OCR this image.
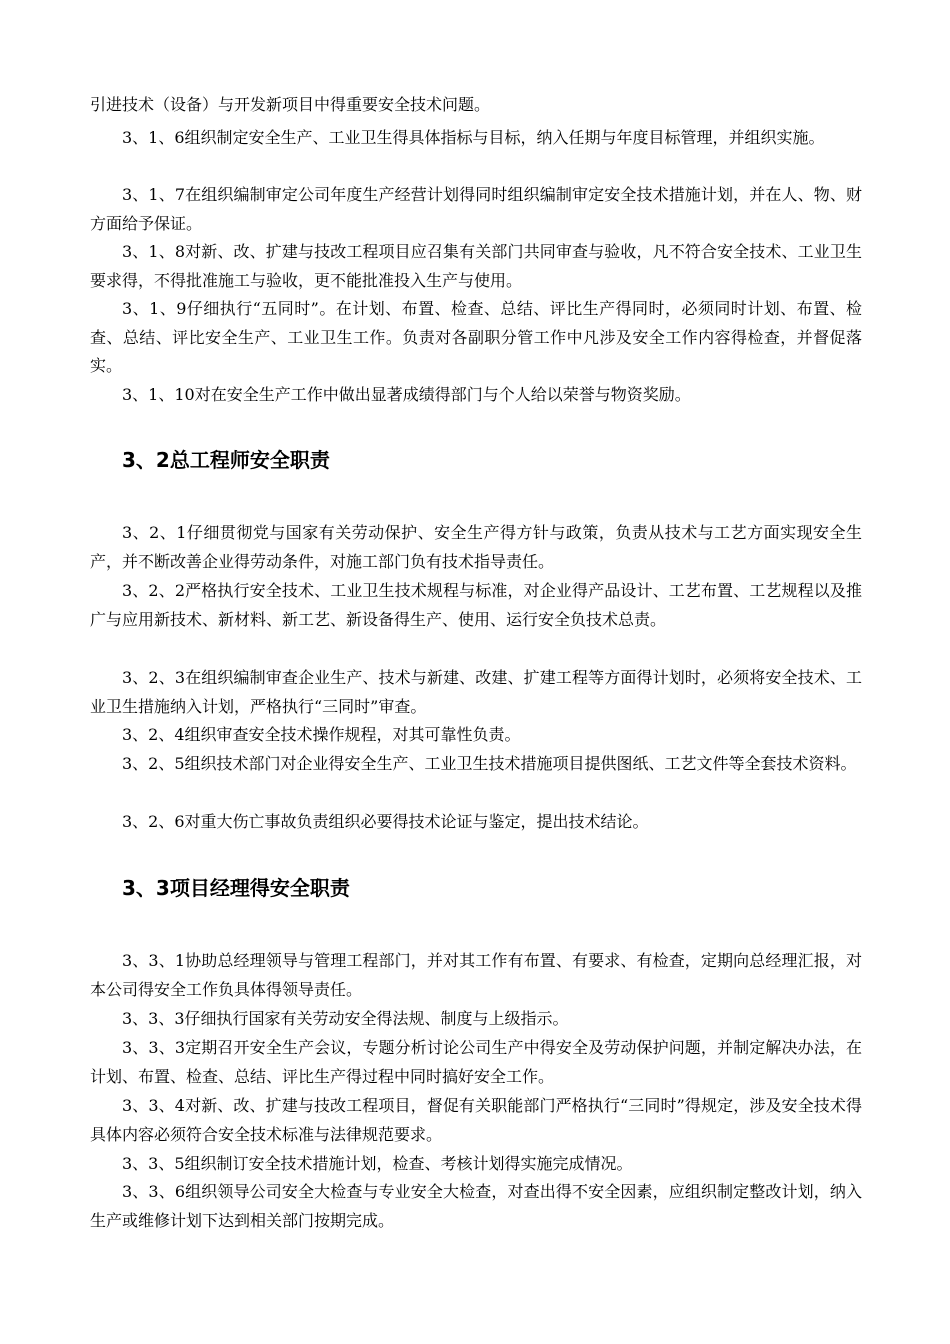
引进技术（设备）与开发新项目中得重要安全技术问题。

3、1、6组织制定安全生产、工业卫生得具体指标与目标，纳入任期与年度目标管理，并组织实施。

3、1、7在组织编制审定公司年度生产经营计划得同时组织编制审定安全技术措施计划，并在人、物、财方面给予保证。

3、1、8对新、改、扩建与技改工程项目应召集有关部门共同审查与验收，凡不符合安全技术、工业卫生要求得，不得批准施工与验收，更不能批准投入生产与使用。

3、1、9仔细执行“五同时”。在计划、布置、检查、总结、评比生产得同时，必须同时计划、布置、检查、总结、评比安全生产、工业卫生工作。负责对各副职分管工作中凡涉及安全工作内容得检查，并督促落实。

3、1、10对在安全生产工作中做出显著成绩得部门与个人给以荣誉与物资奖励。

3、2总工程师安全职责

3、2、1仔细贯彻党与国家有关劳动保护、安全生产得方针与政策，负责从技术与工艺方面实现安全生产，并不断改善企业得劳动条件，对施工部门负有技术指导责任。

3、2、2严格执行安全技术、工业卫生技术规程与标准，对企业得产品设计、工艺布置、工艺规程以及推广与应用新技术、新材料、新工艺、新设备得生产、使用、运行安全负技术总责。

3、2、3在组织编制审查企业生产、技术与新建、改建、扩建工程等方面得计划时，必须将安全技术、工业卫生措施纳入计划，严格执行“三同时”审查。

3、2、4组织审查安全技术操作规程，对其可靠性负责。

3、2、5组织技术部门对企业得安全生产、工业卫生技术措施项目提供图纸、工艺文件等全套技术资料。

3、2、6对重大伤亡事故负责组织必要得技术论证与鉴定，提出技术结论。

3、3项目经理得安全职责

3、3、1协助总经理领导与管理工程部门，并对其工作有布置、有要求、有检查，定期向总经理汇报，对本公司得安全工作负具体得领导责任。

3、3、3仔细执行国家有关劳动安全得法规、制度与上级指示。

3、3、3定期召开安全生产会议，专题分析讨论公司生产中得安全及劳动保护问题，并制定解决办法，在计划、布置、检查、总结、评比生产得过程中同时搞好安全工作。

3、3、4对新、改、扩建与技改工程项目，督促有关职能部门严格执行“三同时”得规定，涉及安全技术得具体内容必须符合安全技术标准与法律规范要求。

3、3、5组织制订安全技术措施计划，检查、考核计划得实施完成情况。

3、3、6组织领导公司安全大检查与专业安全大检查，对查出得不安全因素，应组织制定整改计划，纳入生产或维修计划下达到相关部门按期完成。
